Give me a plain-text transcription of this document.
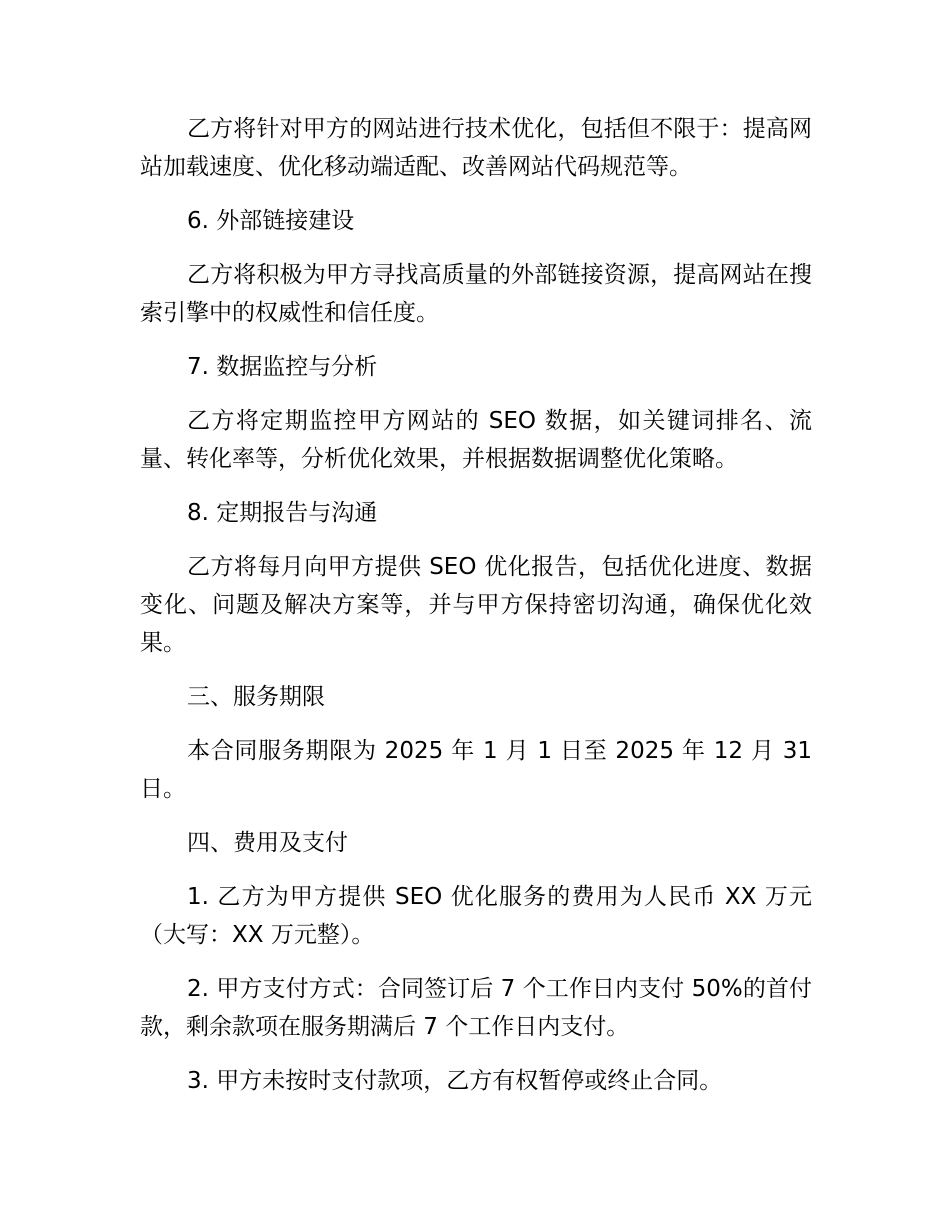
乙方将针对甲方的网站进行技术优化，包括但不限于：提高网站加载速度、优化移动端适配、改善网站代码规范等。

6. 外部链接建设

乙方将积极为甲方寻找高质量的外部链接资源，提高网站在搜索引擎中的权威性和信任度。

7. 数据监控与分析

乙方将定期监控甲方网站的 SEO 数据，如关键词排名、流量、转化率等，分析优化效果，并根据数据调整优化策略。

8. 定期报告与沟通

乙方将每月向甲方提供 SEO 优化报告，包括优化进度、数据变化、问题及解决方案等，并与甲方保持密切沟通，确保优化效果。

三、服务期限

本合同服务期限为 2025 年 1 月 1 日至 2025 年 12 月 31 日。

四、费用及支付

1. 乙方为甲方提供 SEO 优化服务的费用为人民币 XX 万元（大写：XX 万元整）。

2. 甲方支付方式：合同签订后 7 个工作日内支付 50%的首付款，剩余款项在服务期满后 7 个工作日内支付。

3. 甲方未按时支付款项，乙方有权暂停或终止合同。
